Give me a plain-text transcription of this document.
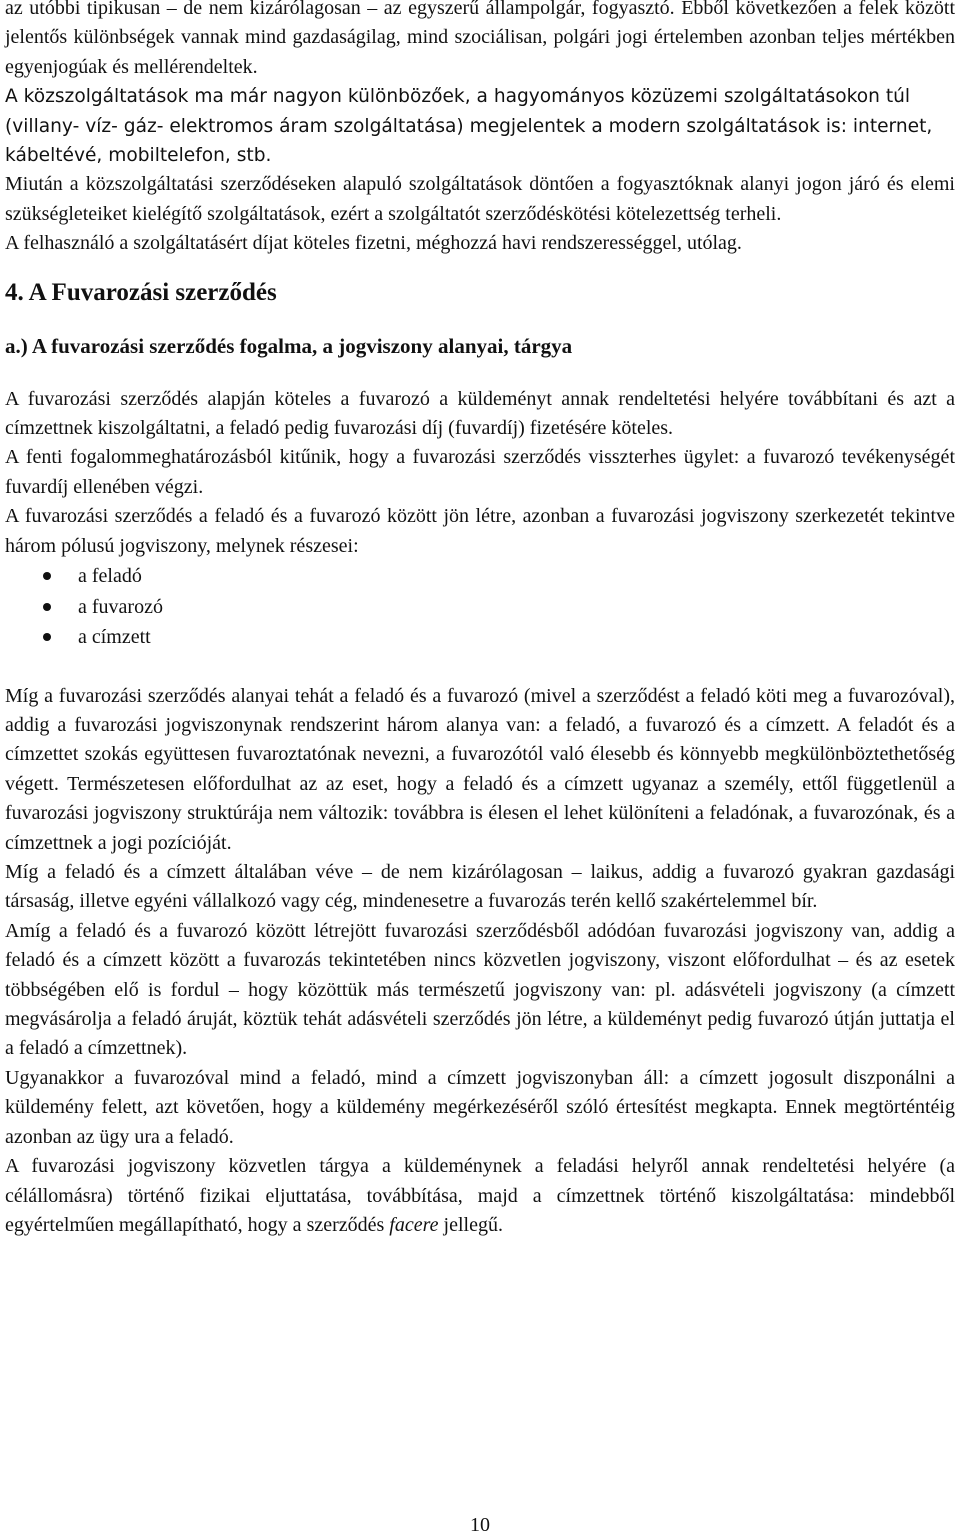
az utóbbi tipikusan – de nem kizárólagosan – az egyszerű állampolgár, fogyasztó. Ebből következően a felek között jelentős különbségek vannak mind gazdaságilag, mind szociálisan, polgári jogi értelemben azonban teljes mértékben egyenjogúak és mellérendeltek.

A közszolgáltatások ma már nagyon különbözőek, a hagyományos közüzemi szolgáltatásokon túl (villany- víz- gáz- elektromos áram szolgáltatása) megjelentek a modern szolgáltatások is: internet, kábeltévé, mobiltelefon, stb.

Miután a közszolgáltatási szerződéseken alapuló szolgáltatások döntően a fogyasztóknak alanyi jogon járó és elemi szükségleteiket kielégítő szolgáltatások, ezért a szolgáltatót szerződéskötési kötelezettség terheli.

A felhasználó a szolgáltatásért díjat köteles fizetni, méghozzá havi rendszerességgel, utólag.

4. A Fuvarozási szerződés
a.) A fuvarozási szerződés fogalma, a jogviszony alanyai, tárgya

A fuvarozási szerződés alapján köteles a fuvarozó a küldeményt annak rendeltetési helyére továbbítani és azt a címzettnek kiszolgáltatni, a feladó pedig fuvarozási díj (fuvardíj) fizetésére köteles.

A fenti fogalommeghatározásból kitűnik, hogy a fuvarozási szerződés visszterhes ügylet: a fuvarozó tevékenységét fuvardíj ellenében végzi.

A fuvarozási szerződés a feladó és a fuvarozó között jön létre, azonban a fuvarozási jogviszony szerkezetét tekintve három pólusú jogviszony, melynek részesei:

a feladó
a fuvarozó
a címzett

Míg a fuvarozási szerződés alanyai tehát a feladó és a fuvarozó (mivel a szerződést a feladó köti meg a fuvarozóval), addig a fuvarozási jogviszonynak rendszerint három alanya van: a feladó, a fuvarozó és a címzett. A feladót és a címzettet szokás együttesen fuvaroztatónak nevezni, a fuvarozótól való élesebb és könnyebb megkülönböztethetőség végett. Természetesen előfordulhat az az eset, hogy a feladó és a címzett ugyanaz a személy, ettől függetlenül a fuvarozási jogviszony struktúrája nem változik: továbbra is élesen el lehet különíteni a feladónak, a fuvarozónak, és a címzettnek a jogi pozícióját.

Míg a feladó és a címzett általában véve – de nem kizárólagosan – laikus, addig a fuvarozó gyakran gazdasági társaság, illetve egyéni vállalkozó vagy cég, mindenesetre a fuvarozás terén kellő szakértelemmel bír.

Amíg a feladó és a fuvarozó között létrejött fuvarozási szerződésből adódóan fuvarozási jogviszony van, addig a feladó és a címzett között a fuvarozás tekintetében nincs közvetlen jogviszony, viszont előfordulhat – és az esetek többségében elő is fordul – hogy közöttük más természetű jogviszony van: pl. adásvételi jogviszony (a címzett megvásárolja a feladó áruját, köztük tehát adásvételi szerződés jön létre, a küldeményt pedig fuvarozó útján juttatja el a feladó a címzettnek).

Ugyanakkor a fuvarozóval mind a feladó, mind a címzett jogviszonyban áll: a címzett jogosult diszponálni a küldemény felett, azt követően, hogy a küldemény megérkezéséről szóló értesítést megkapta. Ennek megtörténtéig azonban az ügy ura a feladó.

A fuvarozási jogviszony közvetlen tárgya a küldeménynek a feladási helyről annak rendeltetési helyére (a célállomásra) történő fizikai eljuttatása, továbbítása, majd a címzettnek történő kiszolgáltatása: mindebből egyértelműen megállapítható, hogy a szerződés facere jellegű.

10
